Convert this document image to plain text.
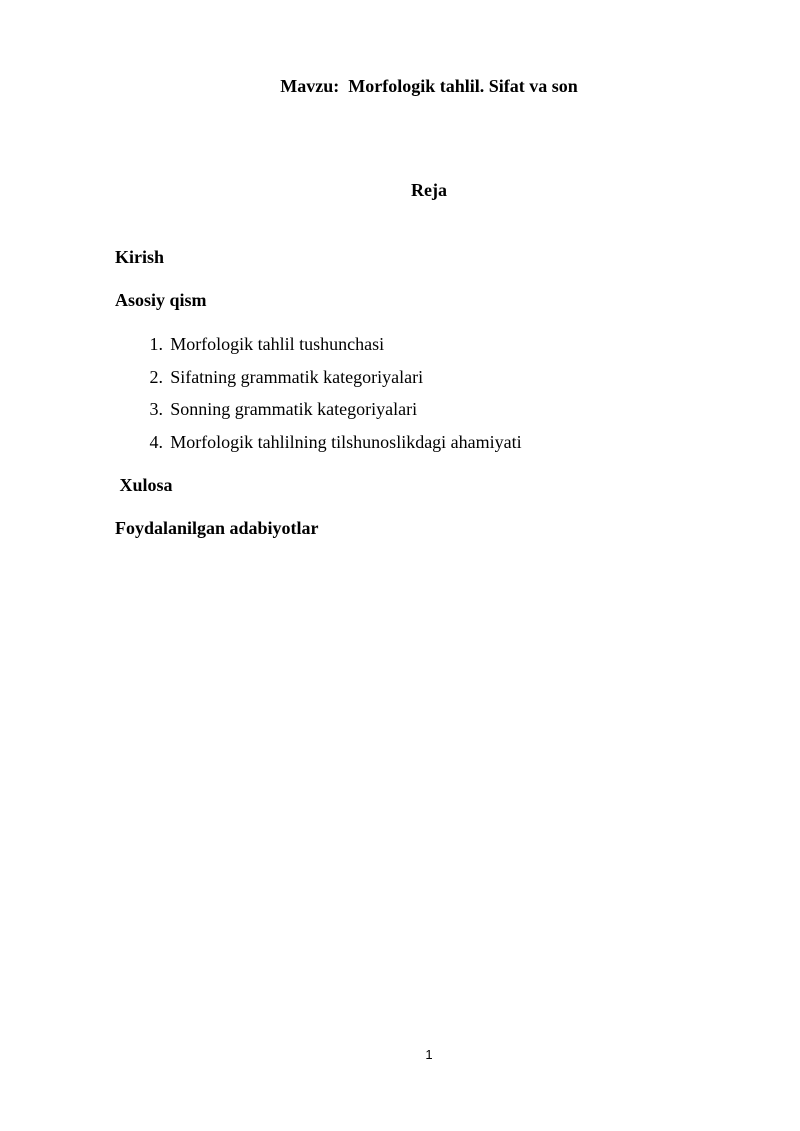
Mavzu:  Morfologik tahlil. Sifat va son
Reja
Kirish
Asosiy qism
1. Morfologik tahlil tushunchasi
2. Sifatning grammatik kategoriyalari
3. Sonning grammatik kategoriyalari
4. Morfologik tahlilning tilshunoslikdagi ahamiyati
Xulosa
Foydalanilgan adabiyotlar
1
